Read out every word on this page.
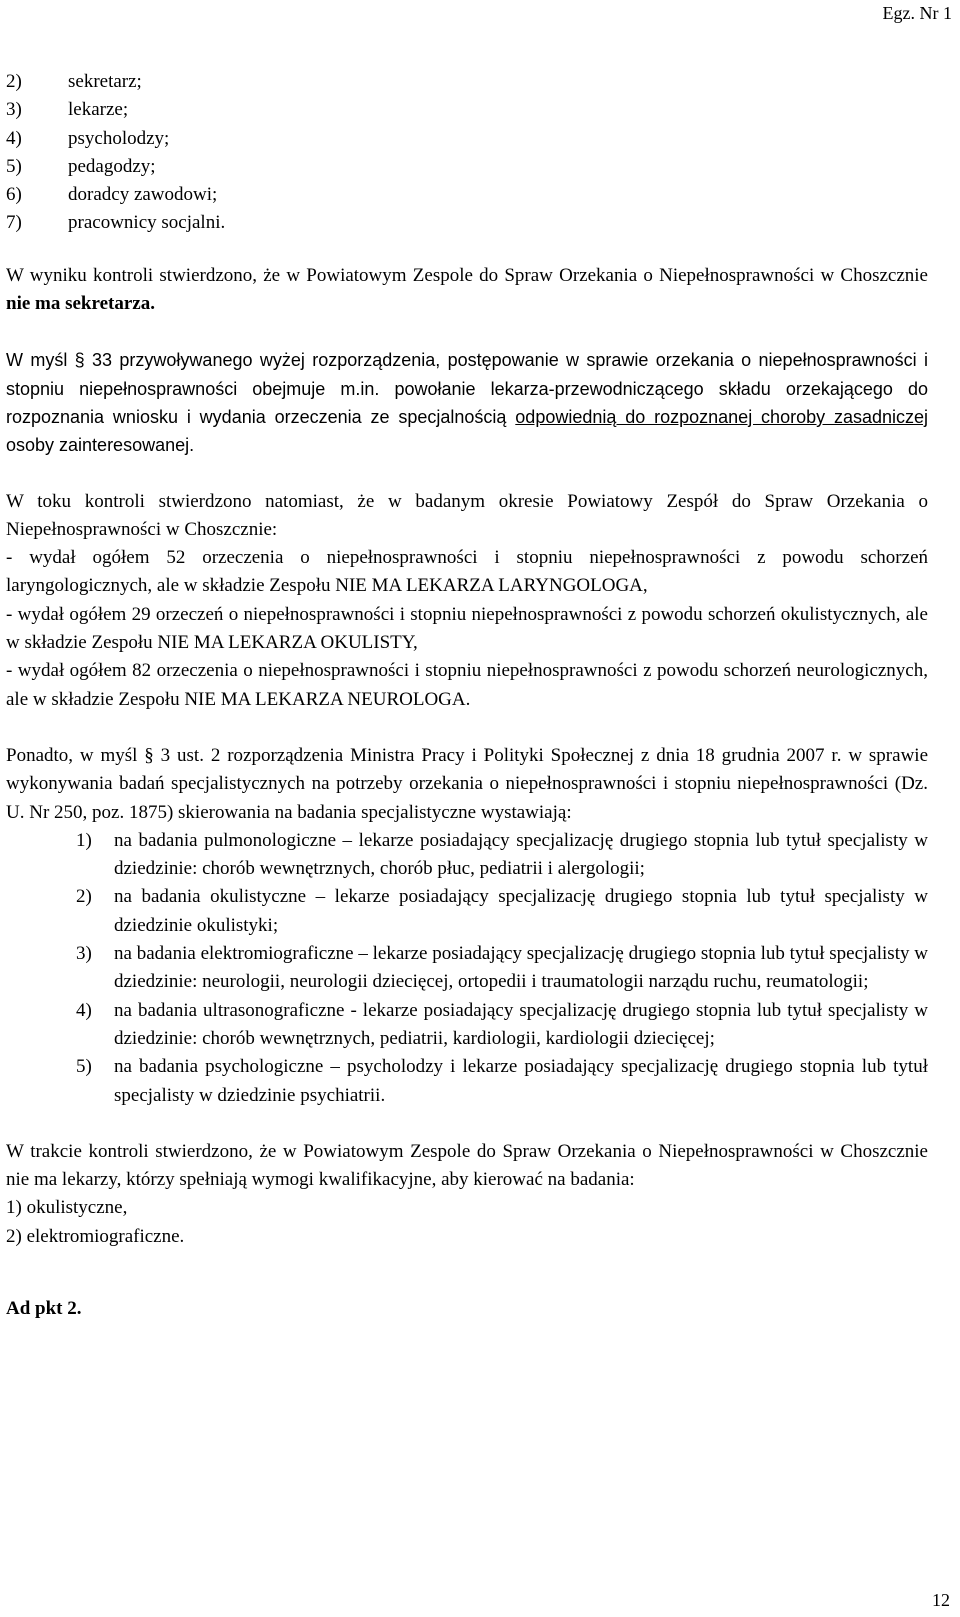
Egz. Nr 1
2)	sekretarz;
3)	lekarze;
4)	psycholodzy;
5)	pedagodzy;
6)	doradcy zawodowi;
7)	pracownicy socjalni.

W wyniku kontroli stwierdzono, że w Powiatowym Zespole do Spraw Orzekania o Niepełnosprawności w Choszcznie nie ma sekretarza.

W myśl § 33 przywoływanego wyżej rozporządzenia, postępowanie w sprawie orzekania o niepełnosprawności i stopniu niepełnosprawności obejmuje m.in. powołanie lekarza-przewodniczącego składu orzekającego do rozpoznania wniosku i wydania orzeczenia ze specjalnością odpowiednią do rozpoznanej choroby zasadniczej osoby zainteresowanej.

W toku kontroli stwierdzono natomiast, że w badanym okresie Powiatowy Zespół do Spraw Orzekania o Niepełnosprawności w Choszcznie:

- wydał ogółem 52 orzeczenia o niepełnosprawności i stopniu niepełnosprawności z powodu schorzeń laryngologicznych, ale w składzie Zespołu NIE MA LEKARZA LARYNGOLOGA,

- wydał ogółem 29 orzeczeń o niepełnosprawności i stopniu niepełnosprawności z powodu schorzeń okulistycznych, ale w składzie Zespołu NIE MA LEKARZA OKULISTY,

- wydał ogółem 82 orzeczenia o niepełnosprawności i stopniu niepełnosprawności z powodu schorzeń neurologicznych, ale w składzie Zespołu NIE MA LEKARZA NEUROLOGA.

Ponadto, w myśl § 3 ust. 2 rozporządzenia Ministra Pracy i Polityki Społecznej z dnia 18 grudnia 2007 r. w sprawie wykonywania badań specjalistycznych na potrzeby orzekania o niepełnosprawności i stopniu niepełnosprawności (Dz. U. Nr 250, poz. 1875) skierowania na badania specjalistyczne wystawiają:

1)	na badania pulmonologiczne – lekarze posiadający specjalizację drugiego stopnia lub tytuł specjalisty w dziedzinie: chorób wewnętrznych, chorób płuc, pediatrii i alergologii;
2)	na badania okulistyczne – lekarze posiadający specjalizację drugiego stopnia lub tytuł specjalisty w dziedzinie okulistyki;
3)	na badania elektromiograficzne – lekarze posiadający specjalizację drugiego stopnia lub tytuł specjalisty w dziedzinie: neurologii, neurologii dziecięcej, ortopedii i traumatologii narządu ruchu, reumatologii;
4)	na badania ultrasonograficzne - lekarze posiadający specjalizację drugiego stopnia lub tytuł specjalisty w dziedzinie: chorób wewnętrznych, pediatrii, kardiologii, kardiologii dziecięcej;
5)	na badania psychologiczne – psycholodzy i lekarze posiadający specjalizację drugiego stopnia lub tytuł specjalisty w dziedzinie psychiatrii.

W trakcie kontroli stwierdzono, że w Powiatowym Zespole do Spraw Orzekania o Niepełnosprawności w Choszcznie nie ma lekarzy, którzy spełniają wymogi kwalifikacyjne, aby kierować na badania:

1) okulistyczne,
2) elektromiograficzne.
Ad pkt 2.
12
